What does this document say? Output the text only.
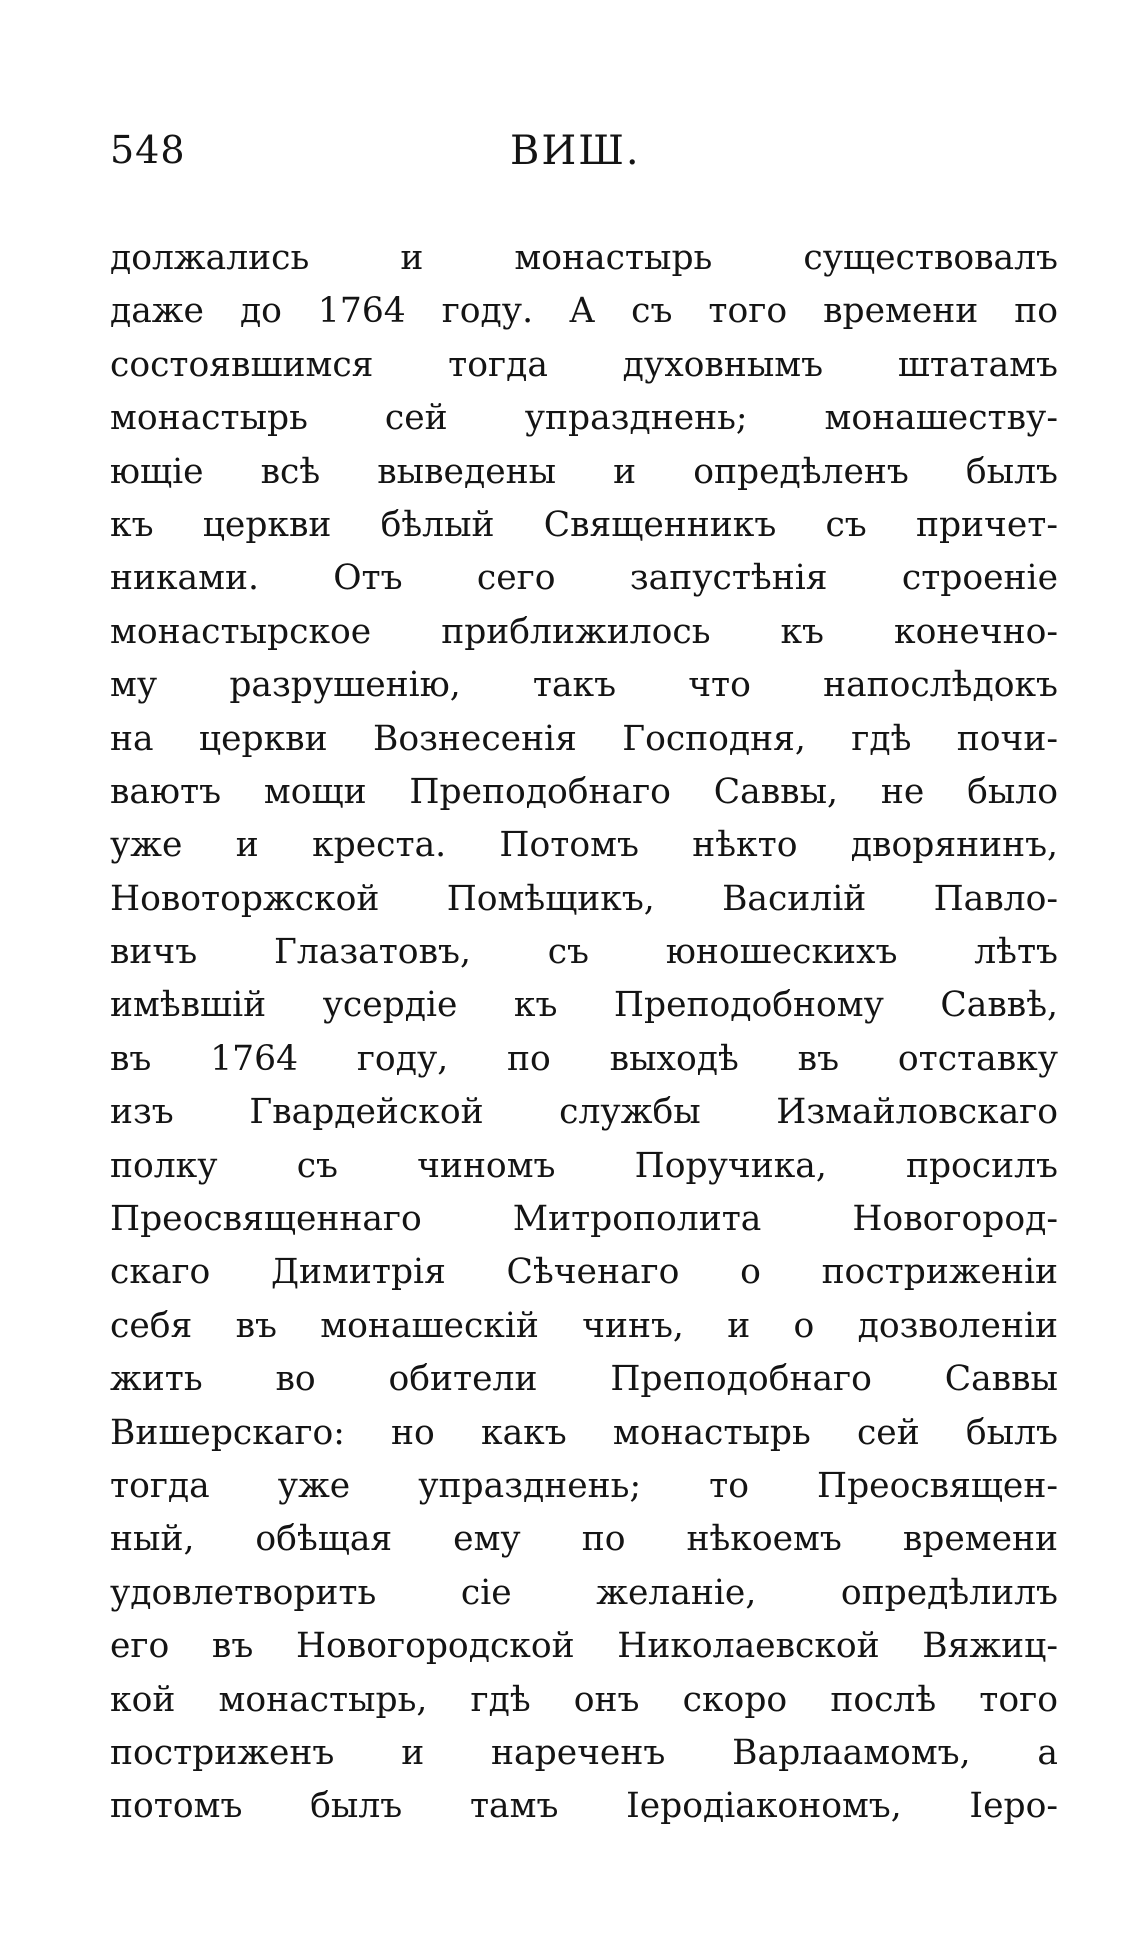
548	ВИШ.
должались и монастырь существовалъ
даже до 1764 году. А съ того времени по
состоявшимся тогда духовнымъ штатамъ
монастырь сей упразднень; монашеству-
ющіе всѣ выведены и опредѣленъ былъ
къ церкви бѣлый Священникъ съ причет-
никами. Отъ сего запустѣнія строеніе
монастырское приближилось къ конечно-
му разрушенію, такъ что напослѣдокъ
на церкви Вознесенія Господня, гдѣ почи-
ваютъ мощи Преподобнаго Саввы, не было
уже и креста. Потомъ нѣкто дворянинъ,
Новоторжской Помѣщикъ, Василій Павло-
вичъ Глазатовъ, съ юношескихъ лѣтъ
имѣвшій усердіе къ Преподобному Саввѣ,
въ 1764 году, по выходѣ въ отставку
изъ Гвардейской службы Измайловскаго
полку съ чиномъ Поручика, просилъ
Преосвященнаго Митрополита Новогород-
скаго Димитрія Сѣченаго о постриженіи
себя въ монашескій чинъ, и о дозволеніи
жить во обители Преподобнаго Саввы
Вишерскаго: но какъ монастырь сей былъ
тогда уже упразднень; то Преосвящен-
ный, обѣщая ему по нѣкоемъ времени
удовлетворить сіе желаніе, опредѣлилъ
его въ Новогородской Николаевской Вяжиц-
кой монастырь, гдѣ онъ скоро послѣ того
постриженъ и нареченъ Варлаамомъ, а
потомъ былъ тамъ Іеродіакономъ, Іеро-
